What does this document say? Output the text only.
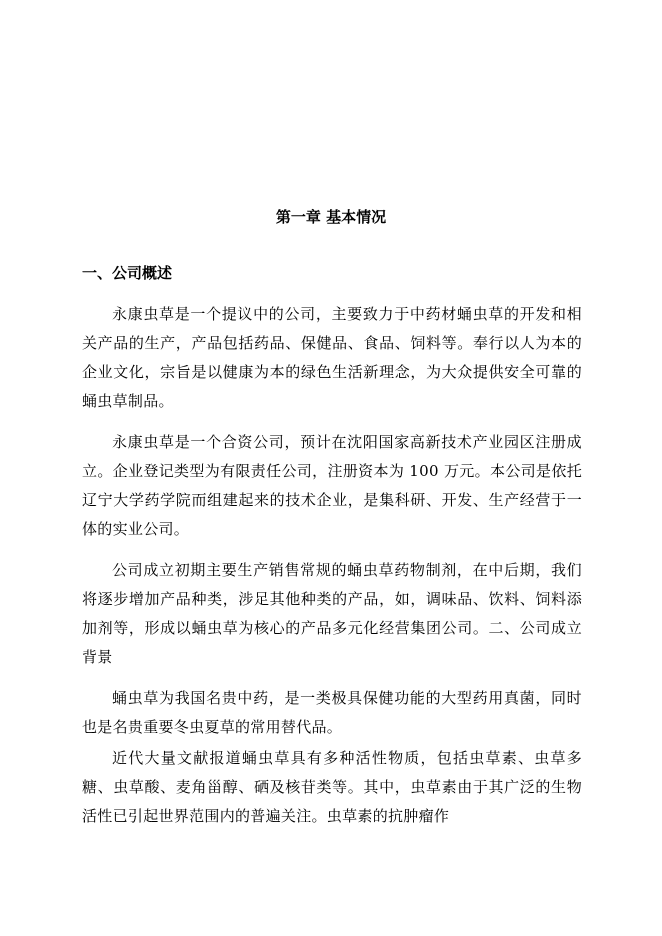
第一章 基本情况
一、公司概述
永康虫草是一个提议中的公司，主要致力于中药材蛹虫草的开发和相关产品的生产，产品包括药品、保健品、食品、饲料等。奉行以人为本的企业文化，宗旨是以健康为本的绿色生活新理念，为大众提供安全可靠的蛹虫草制品。
永康虫草是一个合资公司，预计在沈阳国家高新技术产业园区注册成立。企业登记类型为有限责任公司，注册资本为 100 万元。本公司是依托辽宁大学药学院而组建起来的技术企业，是集科研、开发、生产经营于一体的实业公司。
公司成立初期主要生产销售常规的蛹虫草药物制剂，在中后期，我们将逐步增加产品种类，涉足其他种类的产品，如，调味品、饮料、饲料添加剂等，形成以蛹虫草为核心的产品多元化经营集团公司。二、公司成立背景
蛹虫草为我国名贵中药，是一类极具保健功能的大型药用真菌，同时也是名贵重要冬虫夏草的常用替代品。
近代大量文献报道蛹虫草具有多种活性物质，包括虫草素、虫草多糖、虫草酸、麦角甾醇、硒及核苷类等。其中，虫草素由于其广泛的生物活性已引起世界范围内的普遍关注。虫草素的抗肿瘤作
